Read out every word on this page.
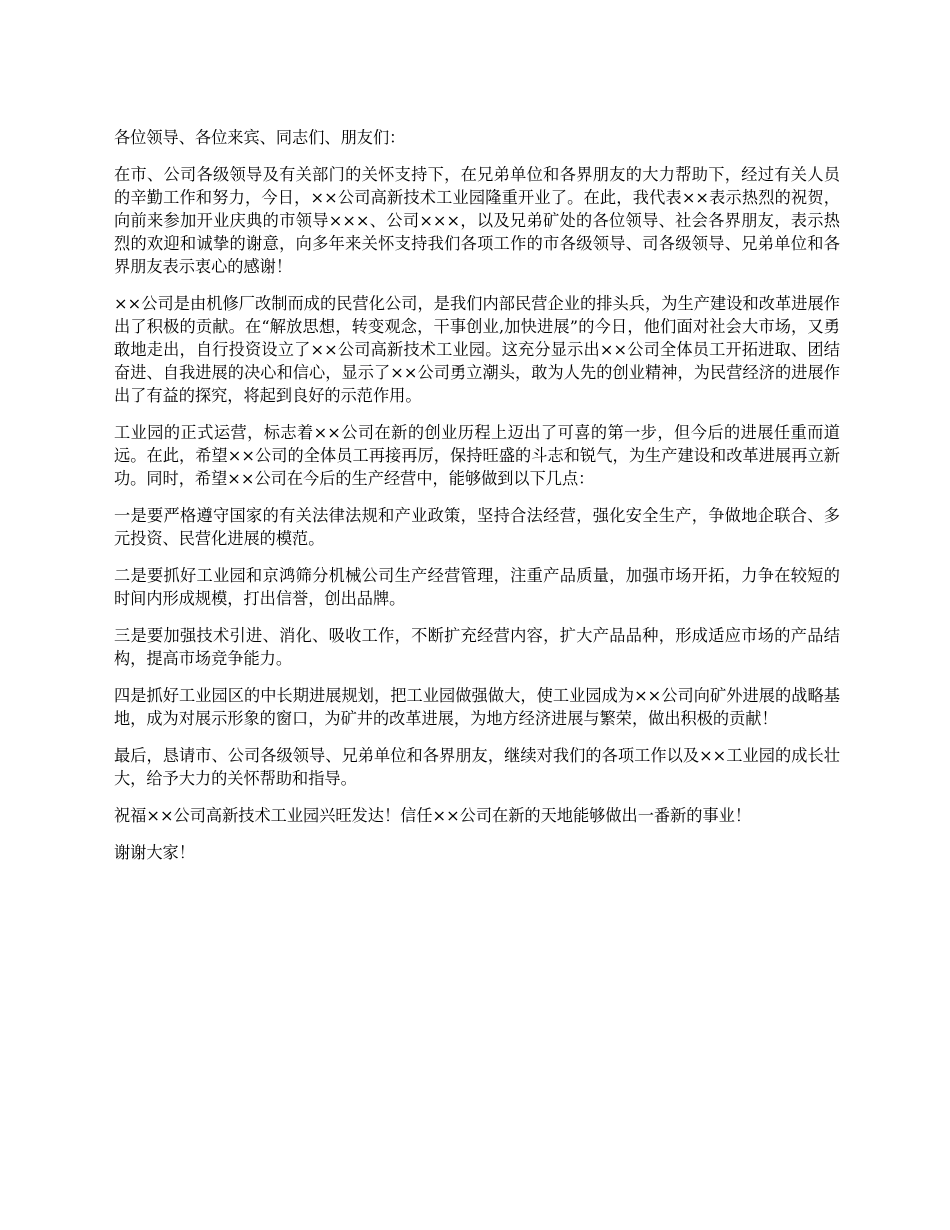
各位领导、各位来宾、同志们、朋友们：

在市、公司各级领导及有关部门的关怀支持下，在兄弟单位和各界朋友的大力帮助下，经过有关人员的辛勤工作和努力，今日，××公司高新技术工业园隆重开业了。在此，我代表××表示热烈的祝贺，向前来参加开业庆典的市领导×××、公司×××，以及兄弟矿处的各位领导、社会各界朋友，表示热烈的欢迎和诚挚的谢意，向多年来关怀支持我们各项工作的市各级领导、司各级领导、兄弟单位和各界朋友表示衷心的感谢！

××公司是由机修厂改制而成的民营化公司，是我们内部民营企业的排头兵，为生产建设和改革进展作出了积极的贡献。在“解放思想，转变观念，干事创业,加快进展”的今日，他们面对社会大市场，又勇敢地走出，自行投资设立了××公司高新技术工业园。这充分显示出××公司全体员工开拓进取、团结奋进、自我进展的决心和信心，显示了××公司勇立潮头，敢为人先的创业精神，为民营经济的进展作出了有益的探究，将起到良好的示范作用。

工业园的正式运营，标志着××公司在新的创业历程上迈出了可喜的第一步，但今后的进展任重而道远。在此，希望××公司的全体员工再接再厉，保持旺盛的斗志和锐气，为生产建设和改革进展再立新功。同时，希望××公司在今后的生产经营中，能够做到以下几点：

一是要严格遵守国家的有关法律法规和产业政策，坚持合法经营，强化安全生产，争做地企联合、多元投资、民营化进展的模范。

二是要抓好工业园和京鸿筛分机械公司生产经营管理，注重产品质量，加强市场开拓，力争在较短的时间内形成规模，打出信誉，创出品牌。

三是要加强技术引进、消化、吸收工作，不断扩充经营内容，扩大产品品种，形成适应市场的产品结构，提高市场竞争能力。

四是抓好工业园区的中长期进展规划，把工业园做强做大，使工业园成为××公司向矿外进展的战略基地，成为对展示形象的窗口，为矿井的改革进展，为地方经济进展与繁荣，做出积极的贡献！

最后，恳请市、公司各级领导、兄弟单位和各界朋友，继续对我们的各项工作以及××工业园的成长壮大，给予大力的关怀帮助和指导。

祝福××公司高新技术工业园兴旺发达！信任××公司在新的天地能够做出一番新的事业！

谢谢大家！
